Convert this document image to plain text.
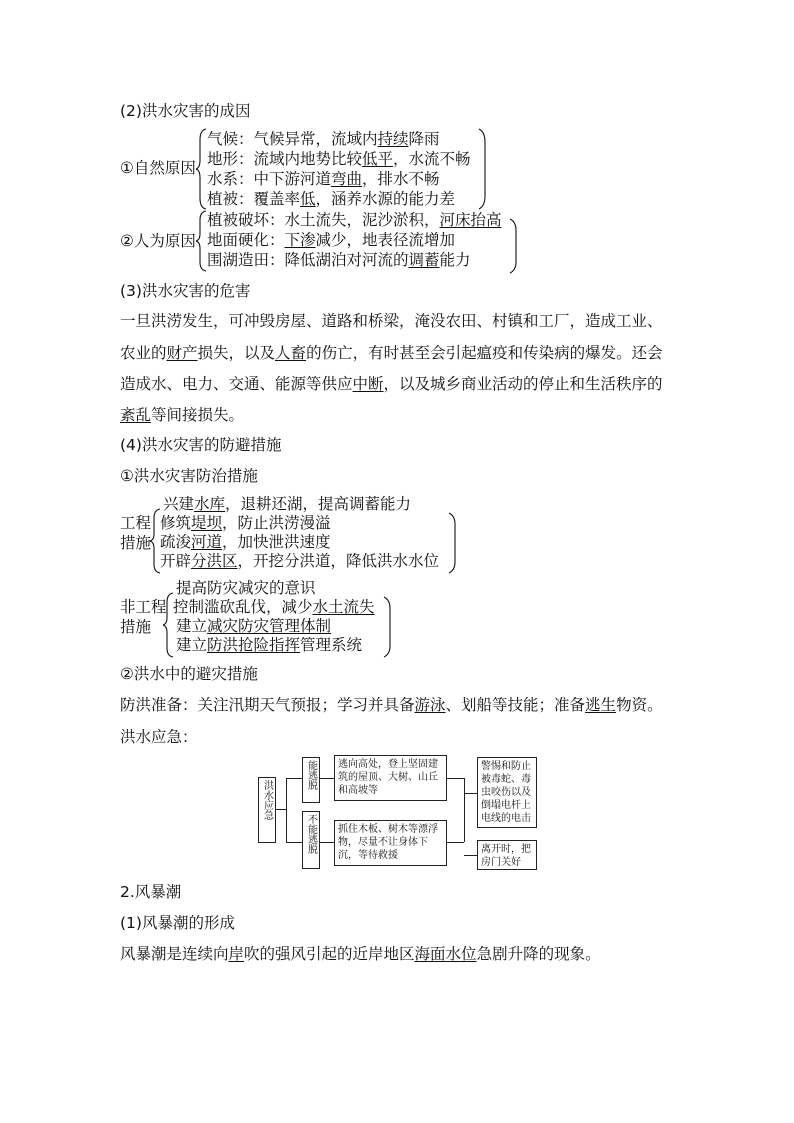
(2)洪水灾害的成因
①自然原因
气候：气候异常，流域内持续降雨
地形：流域内地势比较低平，水流不畅
水系：中下游河道弯曲，排水不畅
植被：覆盖率低，涵养水源的能力差
②人为原因
植被破坏：水土流失，泥沙淤积，河床抬高
地面硬化：下渗减少，地表径流增加
围湖造田：降低湖泊对河流的调蓄能力
(3)洪水灾害的危害
一旦洪涝发生，可冲毁房屋、道路和桥梁，淹没农田、村镇和工厂，造成工业、
农业的财产损失，以及人畜的伤亡，有时甚至会引起瘟疫和传染病的爆发。还会
造成水、电力、交通、能源等供应中断，以及城乡商业活动的停止和生活秩序的
紊乱等间接损失。
(4)洪水灾害的防避措施
①洪水灾害防治措施
工程
措施
兴建水库，退耕还湖，提高调蓄能力
修筑堤坝，防止洪涝漫溢
疏浚河道，加快泄洪速度
开辟分洪区，开挖分洪道，降低洪水水位
非工程
措施
提高防灾减灾的意识
控制滥砍乱伐，减少水土流失
建立减灾防灾管理体制
建立防洪抢险指挥管理系统
②洪水中的避灾措施
防洪准备：关注汛期天气预报；学习并具备游泳、划船等技能；准备逃生物资。
洪水应急：
洪水应急
能逃脱
不能逃脱
逃向高处，登上坚固建筑的屋顶、大树、山丘和高坡等
抓住木板、树木等漂浮物，尽量不让身体下沉，等待救援
警惕和防止被毒蛇、毒虫咬伤以及倒塌电杆上电线的电击
离开时，把房门关好
2.风暴潮
(1)风暴潮的形成
风暴潮是连续向岸吹的强风引起的近岸地区海面水位急剧升降的现象。
